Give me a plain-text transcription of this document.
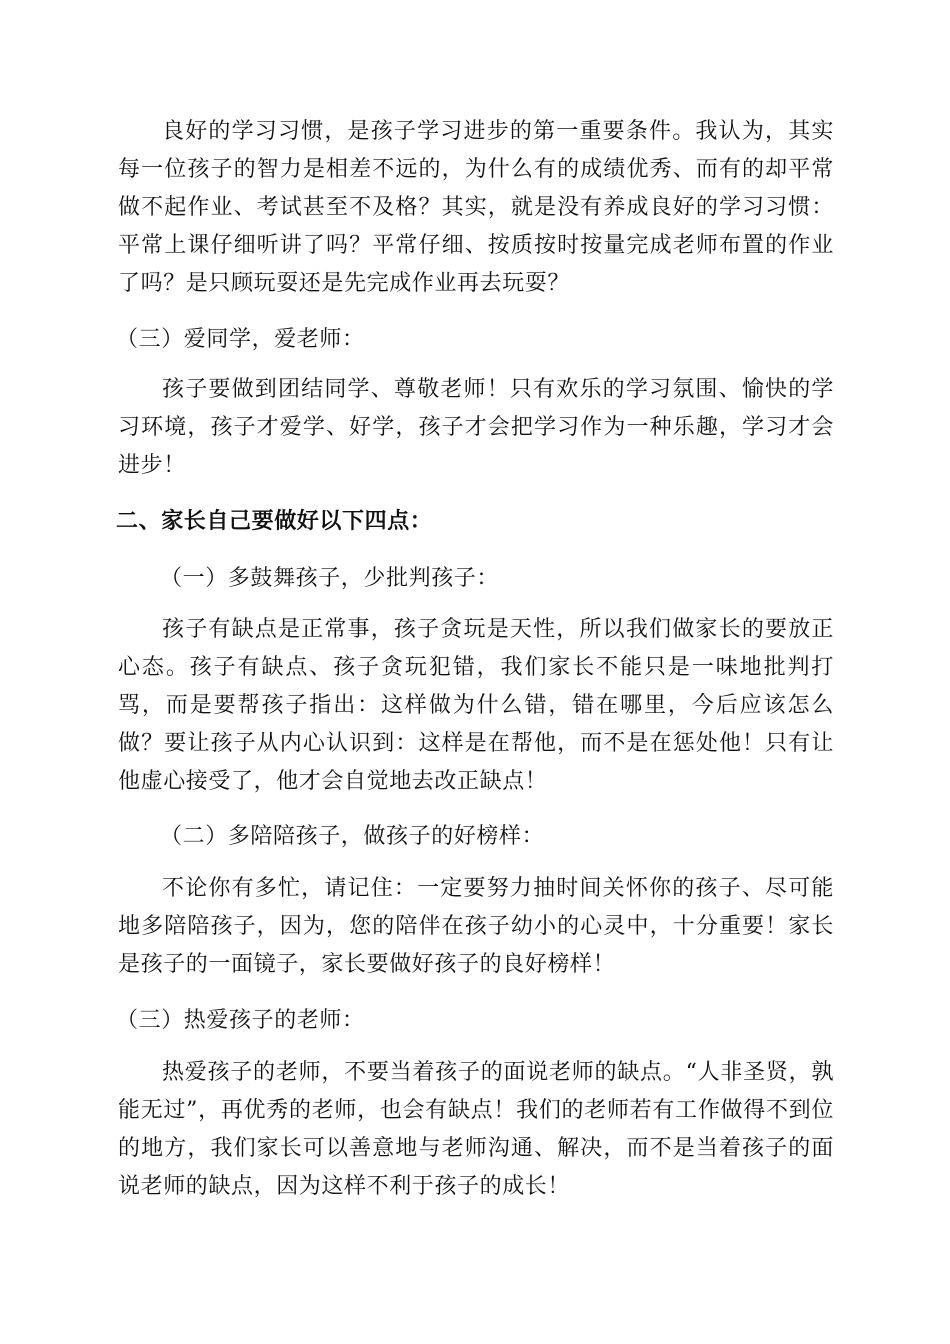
良好的学习习惯，是孩子学习进步的第一重要条件。我认为，其实每一位孩子的智力是相差不远的，为什么有的成绩优秀、而有的却平常做不起作业、考试甚至不及格？其实，就是没有养成良好的学习习惯：平常上课仔细听讲了吗？平常仔细、按质按时按量完成老师布置的作业了吗？是只顾玩耍还是先完成作业再去玩耍？

（三）爱同学，爱老师：

孩子要做到团结同学、尊敬老师！只有欢乐的学习氛围、愉快的学习环境，孩子才爱学、好学，孩子才会把学习作为一种乐趣，学习才会进步！

二、家长自己要做好以下四点：

（一）多鼓舞孩子，少批判孩子：

孩子有缺点是正常事，孩子贪玩是天性，所以我们做家长的要放正心态。孩子有缺点、孩子贪玩犯错，我们家长不能只是一味地批判打骂，而是要帮孩子指出：这样做为什么错，错在哪里，今后应该怎么做？要让孩子从内心认识到：这样是在帮他，而不是在惩处他！只有让他虚心接受了，他才会自觉地去改正缺点！

（二）多陪陪孩子，做孩子的好榜样：

不论你有多忙，请记住：一定要努力抽时间关怀你的孩子、尽可能地多陪陪孩子，因为，您的陪伴在孩子幼小的心灵中，十分重要！家长是孩子的一面镜子，家长要做好孩子的良好榜样！

（三）热爱孩子的老师：

热爱孩子的老师，不要当着孩子的面说老师的缺点。“人非圣贤，孰能无过”，再优秀的老师，也会有缺点！我们的老师若有工作做得不到位的地方，我们家长可以善意地与老师沟通、解决，而不是当着孩子的面说老师的缺点，因为这样不利于孩子的成长！
